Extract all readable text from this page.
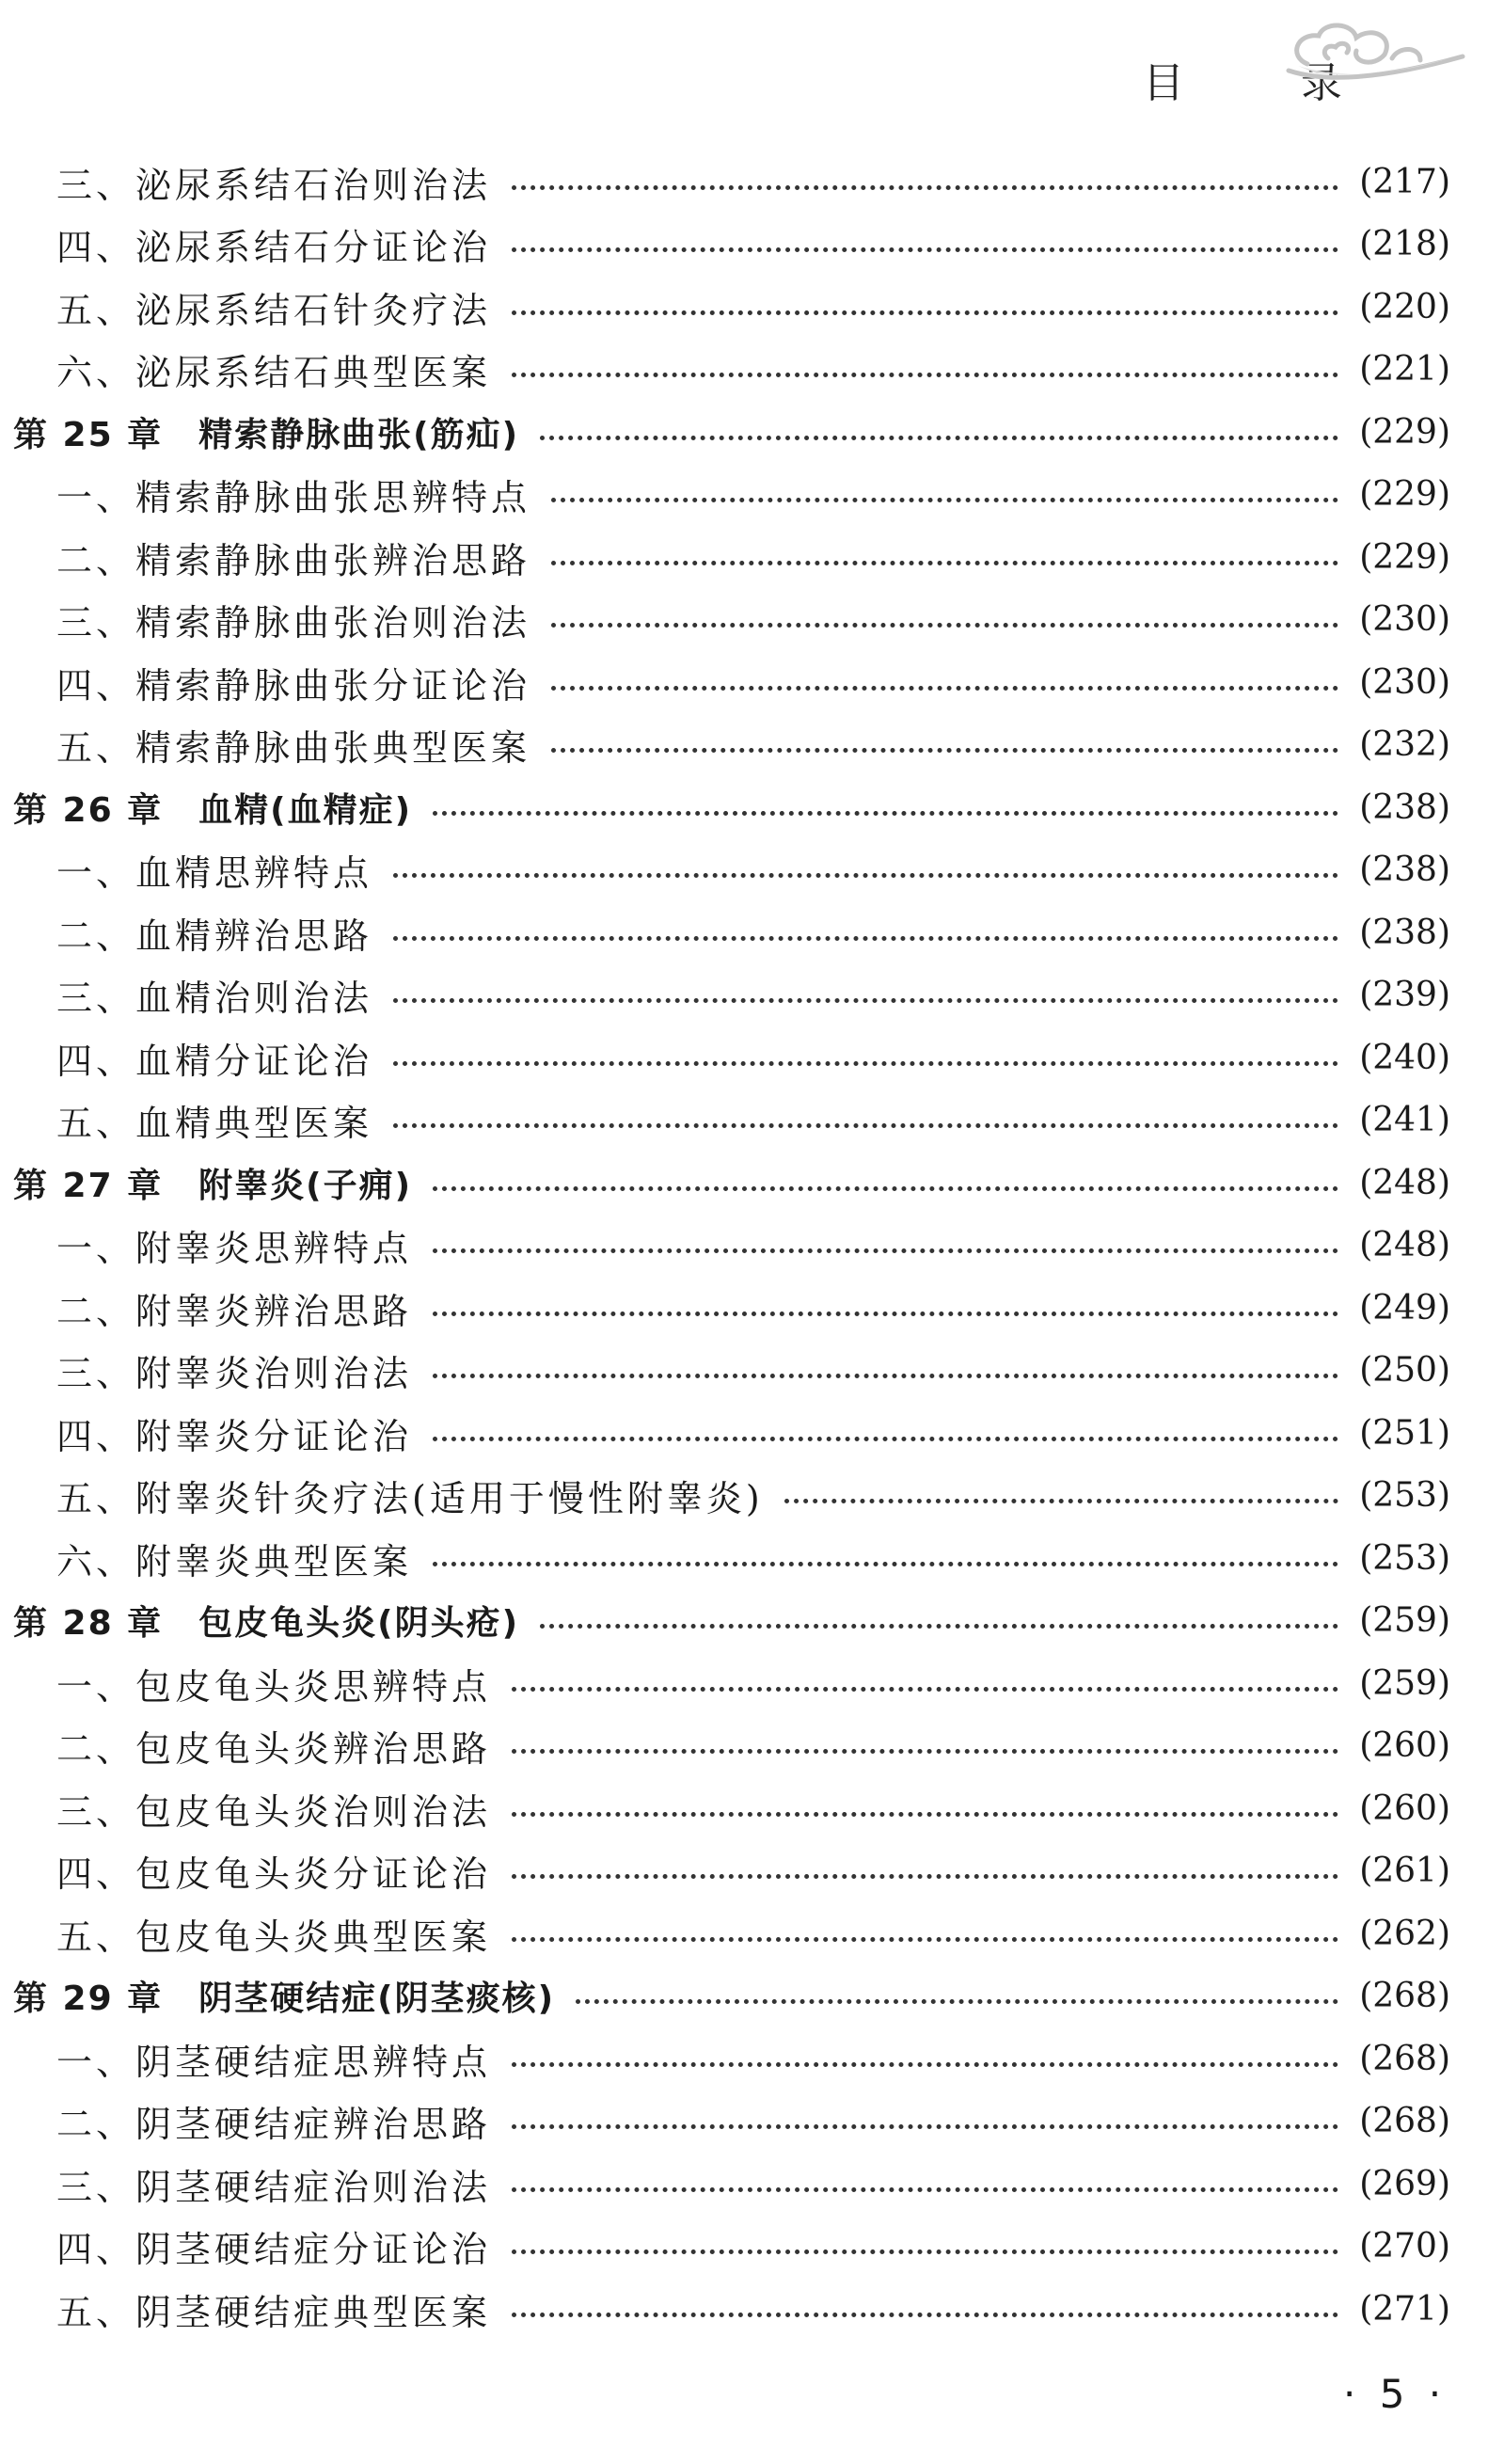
目　录
三、泌尿系结石治则治法	(217)
四、泌尿系结石分证论治	(218)
五、泌尿系结石针灸疗法	(220)
六、泌尿系结石典型医案	(221)
第 25 章　精索静脉曲张(筋疝)	(229)
一、精索静脉曲张思辨特点	(229)
二、精索静脉曲张辨治思路	(229)
三、精索静脉曲张治则治法	(230)
四、精索静脉曲张分证论治	(230)
五、精索静脉曲张典型医案	(232)
第 26 章　血精(血精症)	(238)
一、血精思辨特点	(238)
二、血精辨治思路	(238)
三、血精治则治法	(239)
四、血精分证论治	(240)
五、血精典型医案	(241)
第 27 章　附睾炎(子痈)	(248)
一、附睾炎思辨特点	(248)
二、附睾炎辨治思路	(249)
三、附睾炎治则治法	(250)
四、附睾炎分证论治	(251)
五、附睾炎针灸疗法(适用于慢性附睾炎)	(253)
六、附睾炎典型医案	(253)
第 28 章　包皮龟头炎(阴头疮)	(259)
一、包皮龟头炎思辨特点	(259)
二、包皮龟头炎辨治思路	(260)
三、包皮龟头炎治则治法	(260)
四、包皮龟头炎分证论治	(261)
五、包皮龟头炎典型医案	(262)
第 29 章　阴茎硬结症(阴茎痰核)	(268)
一、阴茎硬结症思辨特点	(268)
二、阴茎硬结症辨治思路	(268)
三、阴茎硬结症治则治法	(269)
四、阴茎硬结症分证论治	(270)
五、阴茎硬结症典型医案	(271)
· 5 ·
